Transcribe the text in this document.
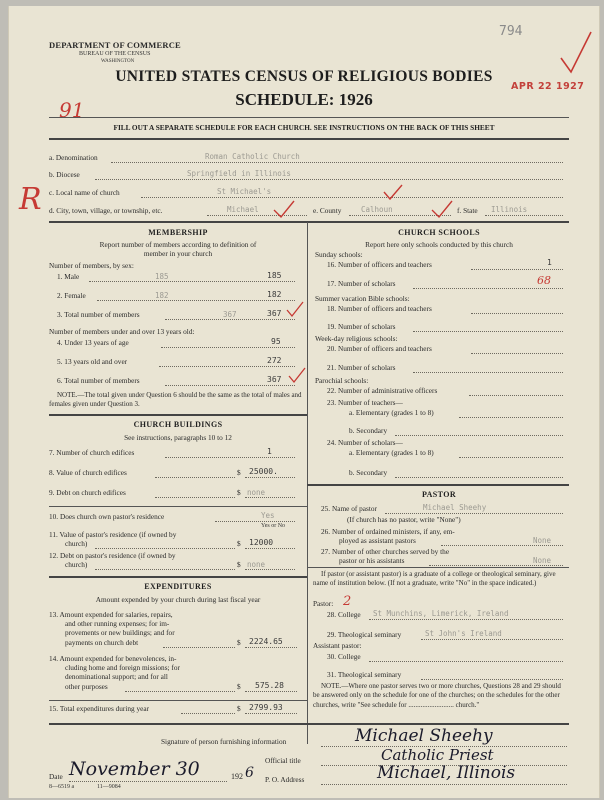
DEPARTMENT OF COMMERCE
BUREAU OF THE CENSUS
WASHINGTON
794
APR 22 1927
UNITED STATES CENSUS OF RELIGIOUS BODIES
SCHEDULE: 1926
91
FILL OUT A SEPARATE SCHEDULE FOR EACH CHURCH. SEE INSTRUCTIONS ON THE BACK OF THIS SHEET
a. Denomination	Roman Catholic Church
b. Diocese	Springfield in Illinois
R c. Local name of church	St Michael's
d. City, town, village, or township, etc.	Michael	e. County	Calhoun	f. State Illinois
MEMBERSHIP
Report number of members according to definition of
member in your church
Number of members, by sex:
1. Male	185	185
2. Female	182	182
3. Total number of members	367	367
Number of members under and over 13 years old:
4. Under 13 years of age	95
5. 13 years old and over	272
6. Total number of members	367
NOTE.—The total given under Question 6 should be the same as the total of males and females given under Question 3.
CHURCH BUILDINGS
See instructions, paragraphs 10 to 12
7. Number of church edifices	1
8. Value of church edifices	$ 25000.
9. Debt on church edifices	$ none
10. Does church own pastor's residence	Yes
Yes or No
11. Value of pastor's residence (if owned by
church)	$ 12000
12. Debt on pastor's residence (if owned by
church)	$ none
EXPENDITURES
Amount expended by your church during last fiscal year
13. Amount expended for salaries, repairs,
and other running expenses; for im-
provements or new buildings; and for
payments on church debt	$ 2224.65
14. Amount expended for benevolences, in-
cluding home and foreign missions; for
denominational support; and for all
other purposes	$ 575.28
15. Total expenditures during year	$ 2799.93
CHURCH SCHOOLS
Report here only schools conducted by this church
Sunday schools:
16. Number of officers and teachers	1
17. Number of scholars	68
Summer vacation Bible schools:
18. Number of officers and teachers
19. Number of scholars
Week-day religious schools:
20. Number of officers and teachers
21. Number of scholars
Parochial schools:
22. Number of administrative officers
23. Number of teachers—
a. Elementary (grades 1 to 8)
b. Secondary
24. Number of scholars—
a. Elementary (grades 1 to 8)
b. Secondary
PASTOR
25. Name of pastor	Michael Sheehy
(If church has no pastor, write "None")
26. Number of ordained ministers, if any, em-
ployed as assistant pastors	None
27. Number of other churches served by the
pastor or his assistants	None
If pastor (or assistant pastor) is a graduate of a college or theological seminary, give name of institution below. (If not a graduate, write "No" in the space indicated.)
Pastor: 2
28. College St Munchins, Limerick, Ireland
29. Theological seminary	St John's Ireland
Assistant pastor:
30. College
31. Theological seminary
NOTE.—Where one pastor serves two or more churches, Questions 28 and 29 should be answered only on the schedule for one of the churches; on the schedules for the other churches, write "See schedule for .......................... church."
Signature of person furnishing information	Michael Sheehy
Official title	Catholic Priest
Date November 30	192 6 P. O. Address	Michael, Illinois
8—6519 a	11—9084
